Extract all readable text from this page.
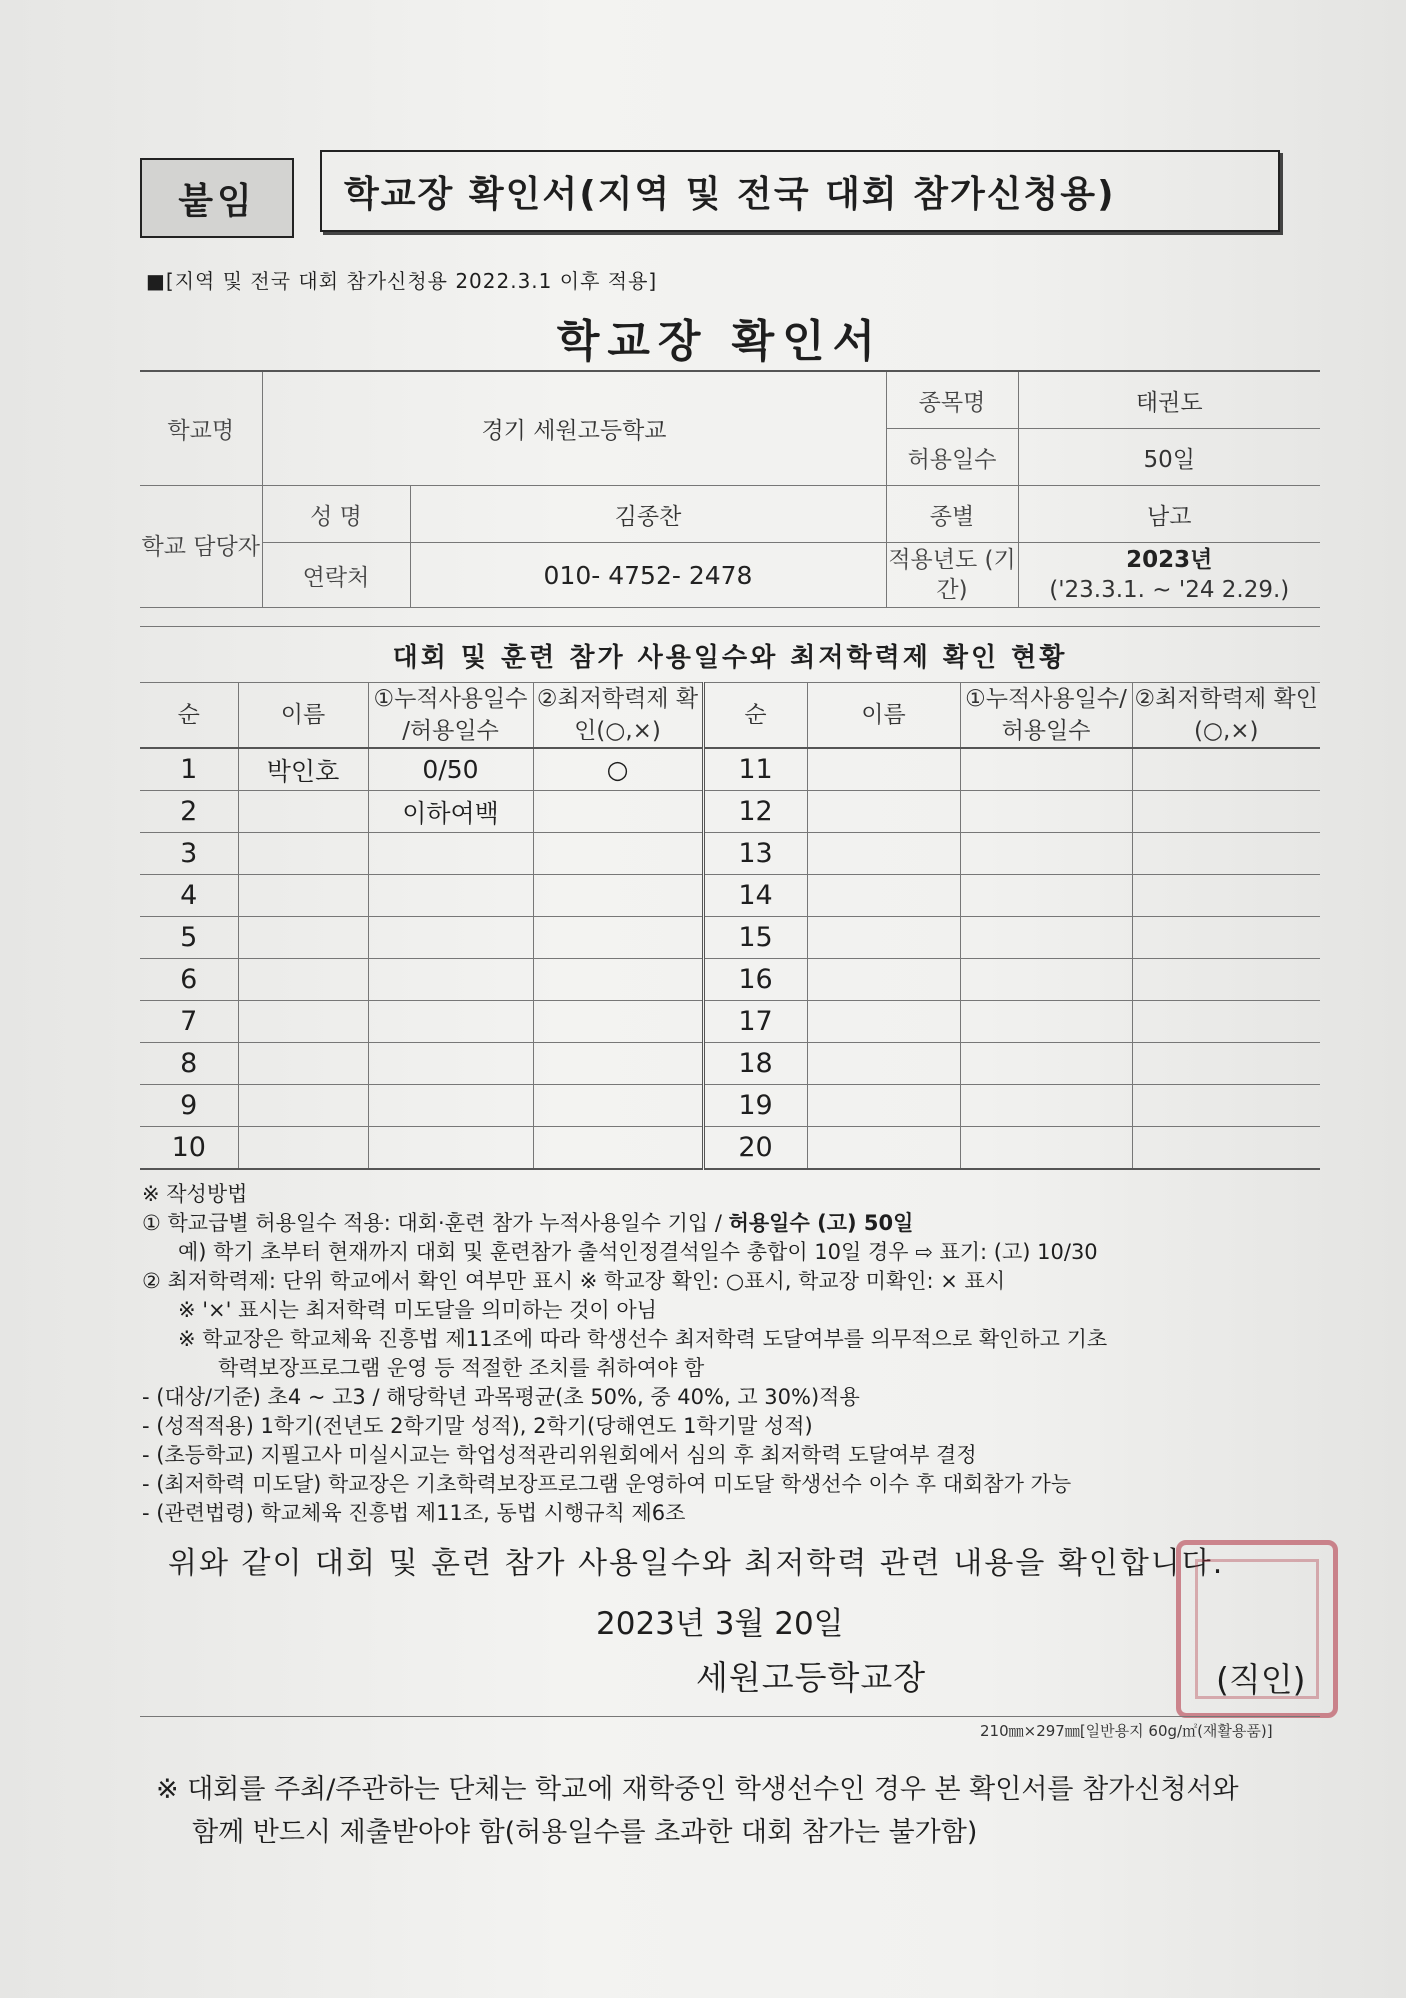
붙임	학교장 확인서(지역 및 전국 대회 참가신청용)
■[지역 및 전국 대회 참가신청용 2022.3.1 이후 적용]
학교장 확인서
학교명	경기 세원고등학교		종목명	태권도
			허용일수	50일
학교 담당자	성 명	김종찬	종별	남고
	연락처	010- 4752- 2478	적용년도 (기간)	2023년
('23.3.1. ~ '24 2.29.)
대회 및 훈련 참가 사용일수와 최저학력제 확인 현황
순	이름	①누적사용일수 /허용일수	②최저학력제 확인(○,×)	순	이름	①누적사용일수/ 허용일수	②최저학력제 확인(○,×)
1	박인호	0/50	○	11			
2		이하여백		12			
3				13			
4				14			
5				15			
6				16			
7				17			
8				18			
9				19			
10				20			
※ 작성방법
① 학교급별 허용일수 적용: 대회·훈련 참가 누적사용일수 기입 / 허용일수 (고) 50일
예) 학기 초부터 현재까지 대회 및 훈련참가 출석인정결석일수 총합이 10일 경우 ⇨ 표기: (고) 10/30
② 최저학력제: 단위 학교에서 확인 여부만 표시 ※ 학교장 확인: ○표시, 학교장 미확인: × 표시
※ '×' 표시는 최저학력 미도달을 의미하는 것이 아님
※ 학교장은 학교체육 진흥법 제11조에 따라 학생선수 최저학력 도달여부를 의무적으로 확인하고 기초
학력보장프로그램 운영 등 적절한 조치를 취하여야 함
- (대상/기준) 초4 ~ 고3 / 해당학년 과목평균(초 50%, 중 40%, 고 30%)적용
- (성적적용) 1학기(전년도 2학기말 성적), 2학기(당해연도 1학기말 성적)
- (초등학교) 지필고사 미실시교는 학업성적관리위원회에서 심의 후 최저학력 도달여부 결정
- (최저학력 미도달) 학교장은 기초학력보장프로그램 운영하여 미도달 학생선수 이수 후 대회참가 가능
- (관련법령) 학교체육 진흥법 제11조, 동법 시행규칙 제6조
위와 같이 대회 및 훈련 참가 사용일수와 최저학력 관련 내용을 확인합니다.
2023년 3월 20일
세원고등학교장	(직인)
210㎜×297㎜[일반용지 60g/㎡(재활용품)]
※ 대회를 주최/주관하는 단체는 학교에 재학중인 학생선수인 경우 본 확인서를 참가신청서와
함께 반드시 제출받아야 함(허용일수를 초과한 대회 참가는 불가함)
